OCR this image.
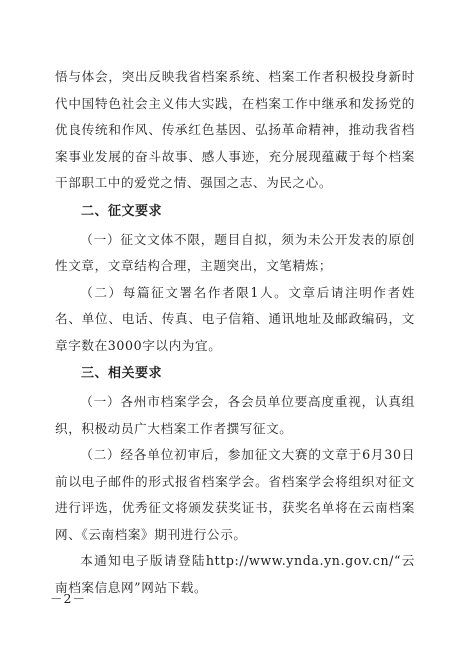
悟与体会，突出反映我省档案系统、档案工作者积极投身新时代中国特色社会主义伟大实践，在档案工作中继承和发扬党的优良传统和作风、传承红色基因、弘扬革命精神，推动我省档案事业发展的奋斗故事、感人事迹，充分展现蕴藏于每个档案干部职工中的爱党之情、强国之志、为民之心。

二、征文要求

（一）征文文体不限，题目自拟，须为未公开发表的原创性文章，文章结构合理，主题突出，文笔精炼；

（二）每篇征文署名作者限1人。文章后请注明作者姓名、单位、电话、传真、电子信箱、通讯地址及邮政编码，文章字数在3000字以内为宜。

三、相关要求

（一）各州市档案学会，各会员单位要高度重视，认真组织，积极动员广大档案工作者撰写征文。

（二）经各单位初审后，参加征文大赛的文章于6月30日前以电子邮件的形式报省档案学会。省档案学会将组织对征文进行评选，优秀征文将颁发获奖证书，获奖名单将在云南档案网、《云南档案》期刊进行公示。

本通知电子版请登陆http://www.ynda.yn.gov.cn/“云南档案信息网”网站下载。

－2－
